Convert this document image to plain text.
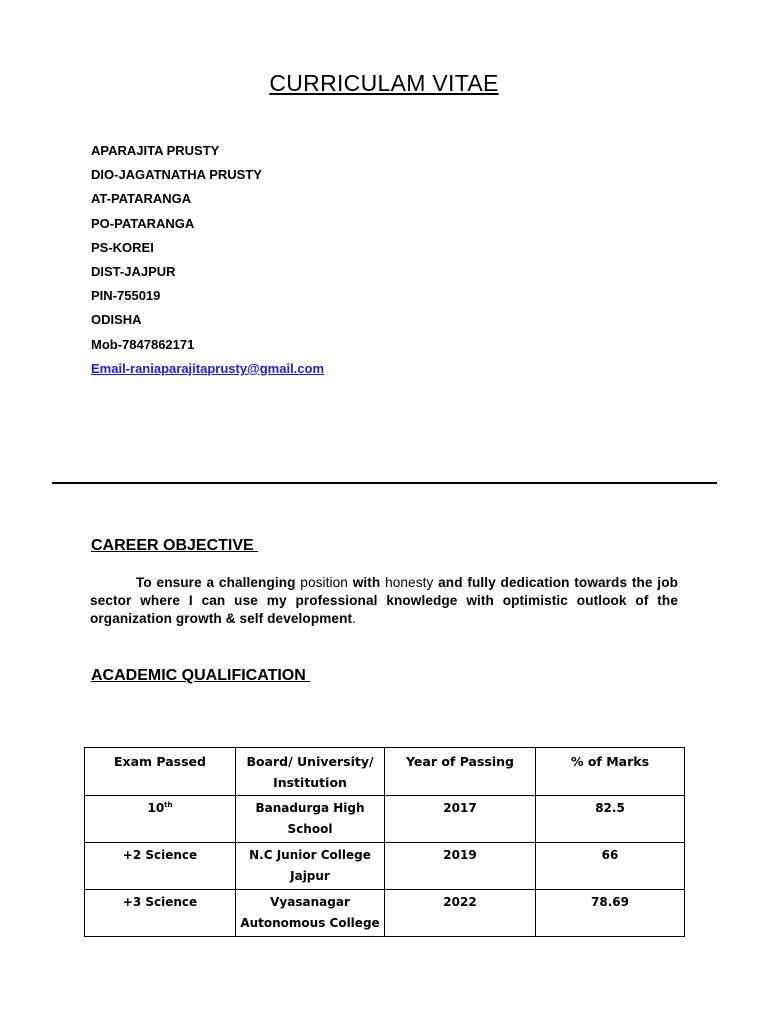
CURRICULAM VITAE
APARAJITA PRUSTY
DIO-JAGATNATHA PRUSTY
AT-PATARANGA
PO-PATARANGA
PS-KOREI
DIST-JAJPUR
PIN-755019
ODISHA
Mob-7847862171
Email-raniaparajitaprusty@gmail.com
CAREER OBJECTIVE
To ensure a challenging position with honesty and fully dedication towards the job sector where I can use my professional knowledge with optimistic outlook of the organization growth & self development.
ACADEMIC QUALIFICATION
Exam Passed	Board/ University/ Institution	Year of Passing	% of Marks
10th	Banadurga High School	2017	82.5
+2 Science	N.C Junior College Jajpur	2019	66
+3 Science	Vyasanagar Autonomous College	2022	78.69
